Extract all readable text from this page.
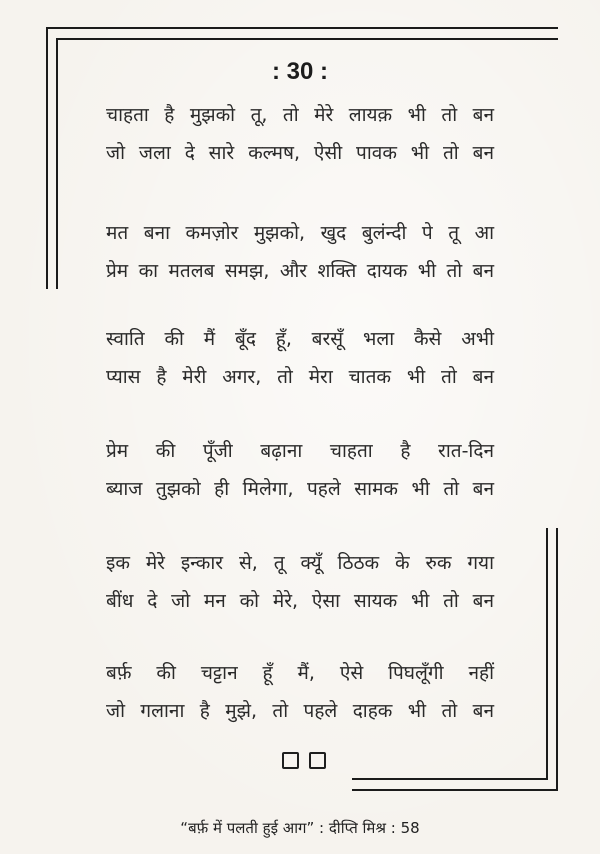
: 30 :
चाहता है मुझको तू, तो मेरे लायक़ भी तो बन
जो जला दे सारे कल्मष, ऐसी पावक भी तो बन
मत बना कमज़ोर मुझको, खुद बुलंन्दी पे तू आ
प्रेम का मतलब समझ, और शक्ति दायक भी तो बन
स्वाति की मैं बूँद हूँ, बरसूँ भला कैसे अभी
प्यास है मेरी अगर, तो मेरा चातक भी तो बन
प्रेम की पूँजी बढ़ाना चाहता है रात-दिन
ब्याज तुझको ही मिलेगा, पहले सामक भी तो बन
इक मेरे इन्कार से, तू क्यूँ ठिठक के रुक गया
बींध दे जो मन को मेरे, ऐसा सायक भी तो बन
बर्फ़ की चट्टान हूँ मैं, ऐसे पिघलूँगी नहीं
जो गलाना है मुझे, तो पहले दाहक भी तो बन
“बर्फ़ में पलती हुई आग” : दीप्ति मिश्र : 58
